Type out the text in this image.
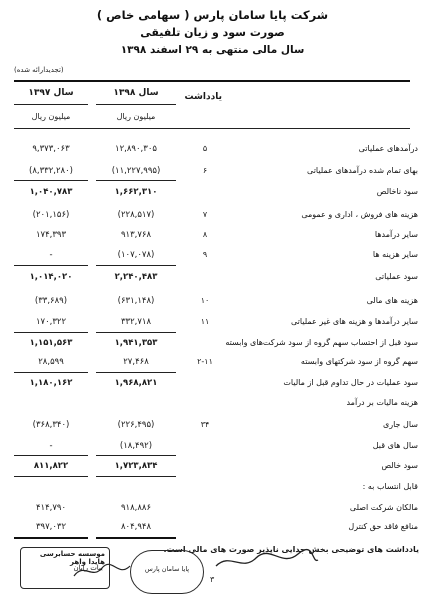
شرکت پایا سامان پارس ( سهامی خاص )
صورت سود و زیان تلفیقی
سال مالی منتهی به ۲۹ اسفند ۱۳۹۸
(تجدیدارائه شده)
یادداشت
سال ۱۳۹۸
سال ۱۳۹۷
میلیون ریال
میلیون ریال
درآمدهای عملیاتی
۵
۱۲,۸۹۰,۳۰۵
۹,۳۷۳,۰۶۳
بهای تمام شده درآمدهای عملیاتی
۶
(۱۱,۲۲۷,۹۹۵)
(۸,۳۳۲,۲۸۰)
سود ناخالص
۱,۶۶۲,۳۱۰
۱,۰۴۰,۷۸۳
هزینه های فروش ، اداری و عمومی
۷
(۲۲۸,۵۱۷)
(۲۰۱,۱۵۶)
سایر درآمدها
۸
۹۱۳,۷۶۸
۱۷۴,۳۹۳
سایر هزینه ها
۹
(۱۰۷,۰۷۸)
-
سود عملیاتی
۲,۲۴۰,۴۸۳
۱,۰۱۴,۰۲۰
هزینه های مالی
۱۰
(۶۳۱,۱۴۸)
(۳۳,۶۸۹)
سایر درآمدها و هزینه های غیر عملیاتی
۱۱
۳۳۲,۷۱۸
۱۷۰,۳۲۲
سود قبل از احتساب سهم گروه از سود شرکت‌های وابسته
۱,۹۴۱,۳۵۳
۱,۱۵۱,۵۶۳
سهم گروه از سود شرکتهای وابسته
۲-۱۱
۲۷,۴۶۸
۲۸,۵۹۹
سود عملیات در حال تداوم قبل از مالیات
۱,۹۶۸,۸۲۱
۱,۱۸۰,۱۶۲
هزینه مالیات بر درآمد
سال جاری
۳۴
(۲۲۶,۴۹۵)
(۳۶۸,۳۴۰)
سال های قبل
(۱۸,۴۹۲)
-
سود خالص
۱,۷۲۳,۸۳۴
۸۱۱,۸۲۲
قابل انتساب به :
مالکان شرکت اصلی
۹۱۸,۸۸۶
۴۱۴,۷۹۰
منافع فاقد حق کنترل
۸۰۴,۹۴۸
۳۹۷,۰۳۲
یادداشت های توضیحی بخش جدایی ناپذیر صورت های مالی است.
موسسه حسابرسی هایدا واهر
بیات رایان	پایا سامان پارس
۳
